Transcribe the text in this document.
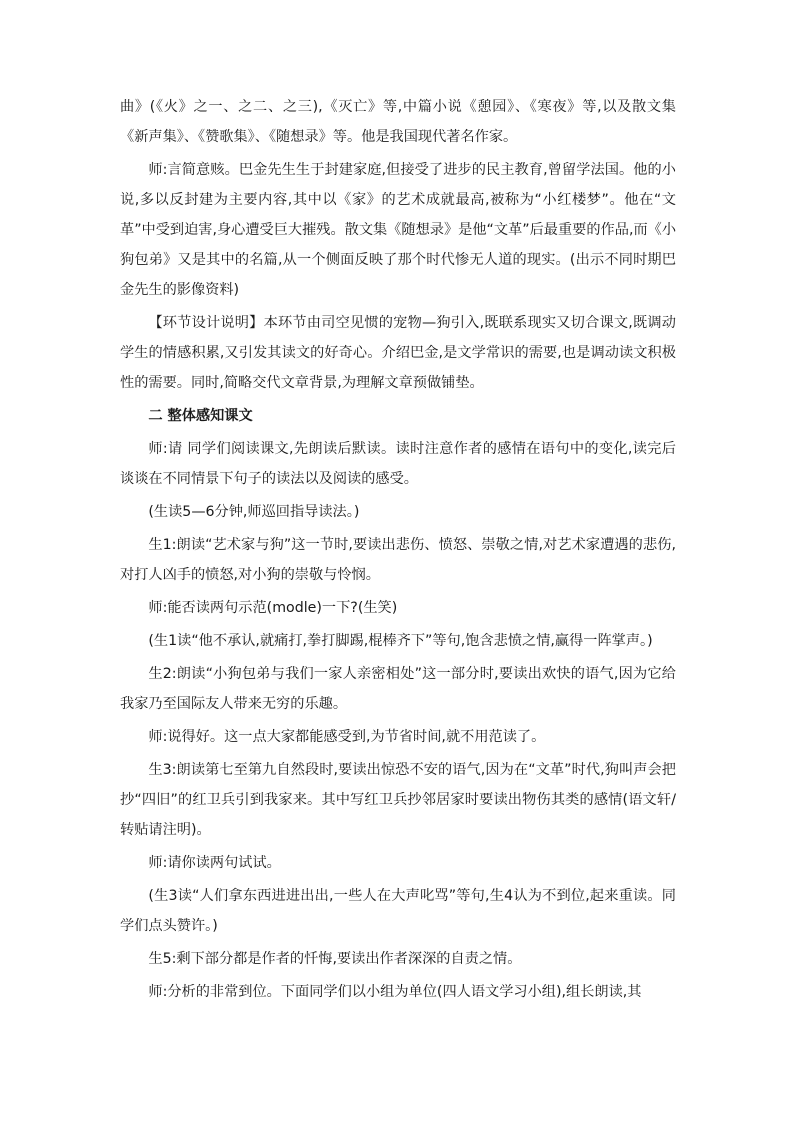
曲》(《火》之一、之二、之三),《灭亡》等,中篇小说《憩园》、《寒夜》等,以及散文集《新声集》、《赞歌集》、《随想录》等。他是我国现代著名作家。

师:言简意赅。巴金先生生于封建家庭,但接受了进步的民主教育,曾留学法国。他的小说,多以反封建为主要内容,其中以《家》的艺术成就最高,被称为“小红楼梦”。他在“文革”中受到迫害,身心遭受巨大摧残。散文集《随想录》是他“文革”后最重要的作品,而《小狗包弟》又是其中的名篇,从一个侧面反映了那个时代惨无人道的现实。(出示不同时期巴金先生的影像资料)

【环节设计说明】本环节由司空见惯的宠物—狗引入,既联系现实又切合课文,既调动学生的情感积累,又引发其读文的好奇心。介绍巴金,是文学常识的需要,也是调动读文积极性的需要。同时,简略交代文章背景,为理解文章预做铺垫。

二 整体感知课文

师:请 同学们阅读课文,先朗读后默读。读时注意作者的感情在语句中的变化,读完后谈谈在不同情景下句子的读法以及阅读的感受。

(生读5—6分钟,师巡回指导读法。)

生1:朗读“艺术家与狗”这一节时,要读出悲伤、愤怒、崇敬之情,对艺术家遭遇的悲伤,对打人凶手的愤怒,对小狗的崇敬与怜悯。

师:能否读两句示范(modle)一下?(生笑)

(生1读“他不承认,就痛打,拳打脚踢,棍棒齐下”等句,饱含悲愤之情,赢得一阵掌声。)

生2:朗读“小狗包弟与我们一家人亲密相处”这一部分时,要读出欢快的语气,因为它给我家乃至国际友人带来无穷的乐趣。

师:说得好。这一点大家都能感受到,为节省时间,就不用范读了。

生3:朗读第七至第九自然段时,要读出惊恐不安的语气,因为在“文革”时代,狗叫声会把抄“四旧”的红卫兵引到我家来。其中写红卫兵抄邻居家时要读出物伤其类的感情(语文轩/ 转贴请注明)。

师:请你读两句试试。

(生3读“人们拿东西进进出出,一些人在大声叱骂”等句,生4认为不到位,起来重读。同学们点头赞许。)

生5:剩下部分都是作者的忏悔,要读出作者深深的自责之情。

师:分析的非常到位。下面同学们以小组为单位(四人语文学习小组),组长朗读,其
